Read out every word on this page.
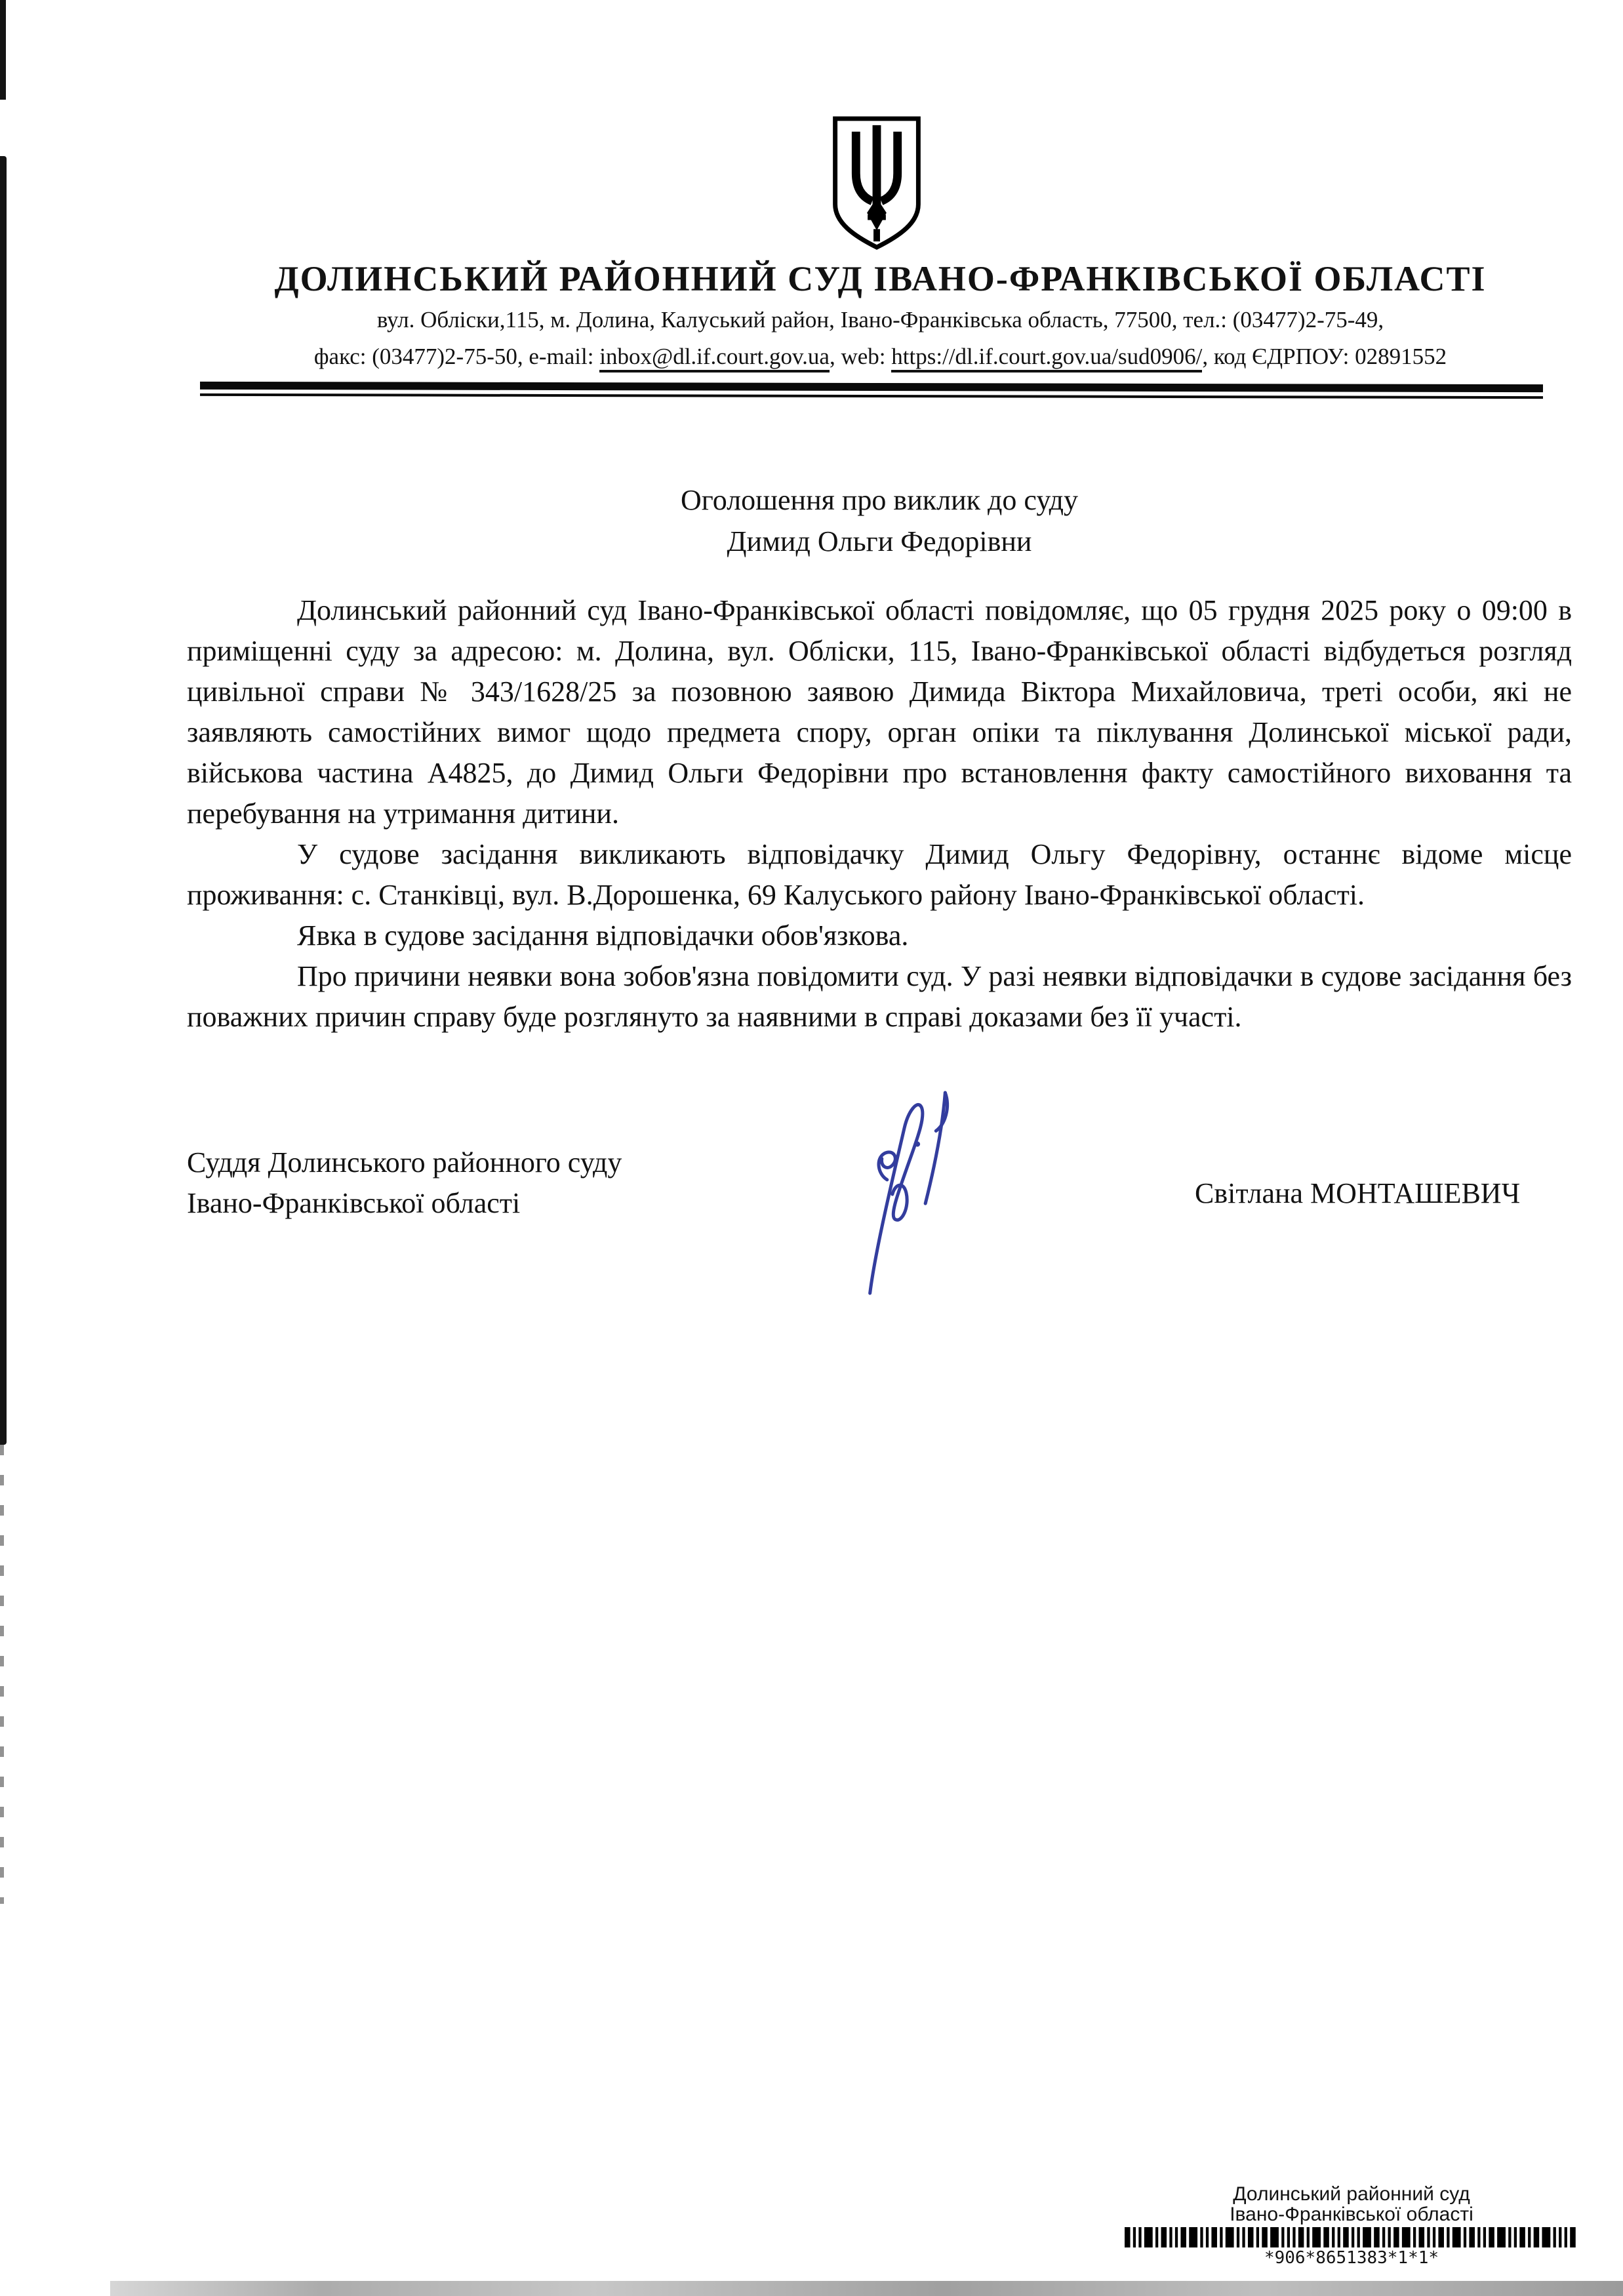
ДОЛИНСЬКИЙ РАЙОННИЙ СУД ІВАНО-ФРАНКІВСЬКОЇ ОБЛАСТІ
вул. Обліски,115, м. Долина, Калуський район, Івано-Франківська область, 77500, тел.: (03477)2-75-49,
факс: (03477)2-75-50, e-mail: inbox@dl.if.court.gov.ua, web: https://dl.if.court.gov.ua/sud0906/, код ЄДРПОУ: 02891552
Оголошення про виклик до суду
Димид Ольги Федорівни

Долинський районний суд Івано-Франківської області повідомляє, що 05 грудня 2025 року о 09:00 в приміщенні суду за адресою: м. Долина, вул. Обліски, 115, Івано-Франківської області відбудеться розгляд цивільної справи № 343/1628/25 за позовною заявою Димида Віктора Михайловича, треті особи, які не заявляють самостійних вимог щодо предмета спору, орган опіки та піклування Долинської міської ради, військова частина А4825, до Димид Ольги Федорівни про встановлення факту самостійного виховання та перебування на утримання дитини.

У судове засідання викликають відповідачку Димид Ольгу Федорівну, останнє відоме місце проживання: с. Станківці, вул. В.Дорошенка, 69 Калуського району Івано-Франківської області.

Явка в судове засідання відповідачки обов'язкова.

Про причини неявки вона зобов'язна повідомити суд. У разі неявки відповідачки в судове засідання без поважних причин справу буде розглянуто за наявними в справі доказами без її участі.

Суддя Долинського районного суду
Івано-Франківської області	Світлана МОНТАШЕВИЧ
Долинський районний суд
Івано-Франківської області
*906*8651383*1*1*
